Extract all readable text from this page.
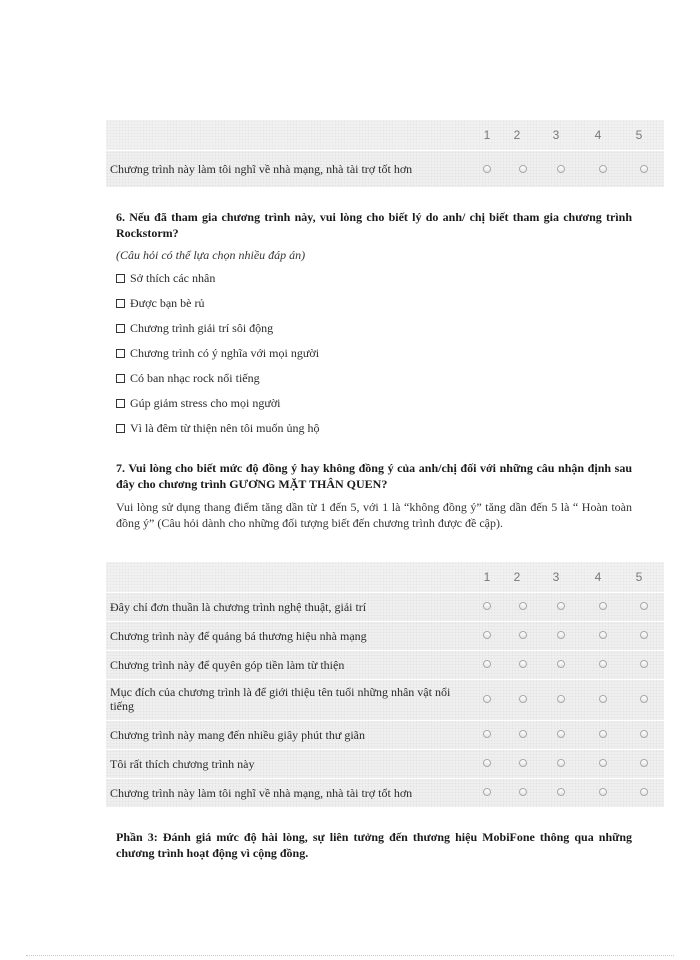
1	2	3	4	5
Chương trình này làm tôi nghĩ về nhà mạng, nhà tài trợ tốt hơn
6. Nếu đã tham gia chương trình này, vui lòng cho biết lý do anh/ chị biết tham gia chương trình Rockstorm?
(Câu hỏi có thể lựa chọn nhiều đáp án)
Sở thích các nhân
Được bạn bè rủ
Chương trình giải trí sôi động
Chương trình có ý nghĩa với mọi người
Có ban nhạc rock nổi tiếng
Gúp giảm stress cho mọi người
Vì là đêm từ thiện nên tôi muốn ủng hộ
7. Vui lòng cho biết mức độ đồng ý hay không đồng ý của anh/chị đối với những câu nhận định sau đây cho chương trình GƯƠNG MẶT THÂN QUEN?
Vui lòng sử dụng thang điểm tăng dần từ 1 đến 5, với 1 là “không đồng ý” tăng dần đến 5 là “ Hoàn toàn đồng ý” (Câu hỏi dành cho những đối tượng biết đến chương trình được đề cập).
1	2	3	4	5
Đây chỉ đơn thuần là chương trình nghệ thuật, giải trí
Chương trình này để quảng bá thương hiệu nhà mạng
Chương trình này để quyên góp tiền làm từ thiện
Mục đích của chương trình là để giới thiệu tên tuổi những nhân vật nổi tiếng
Chương trình này mang đến nhiều giây phút thư giãn
Tôi rất thích chương trình này
Chương trình này làm tôi nghĩ về nhà mạng, nhà tài trợ tốt hơn
Phần 3: Đánh giá mức độ hài lòng, sự liên tưởng đến thương hiệu MobiFone thông qua những chương trình hoạt động vì cộng đồng.
